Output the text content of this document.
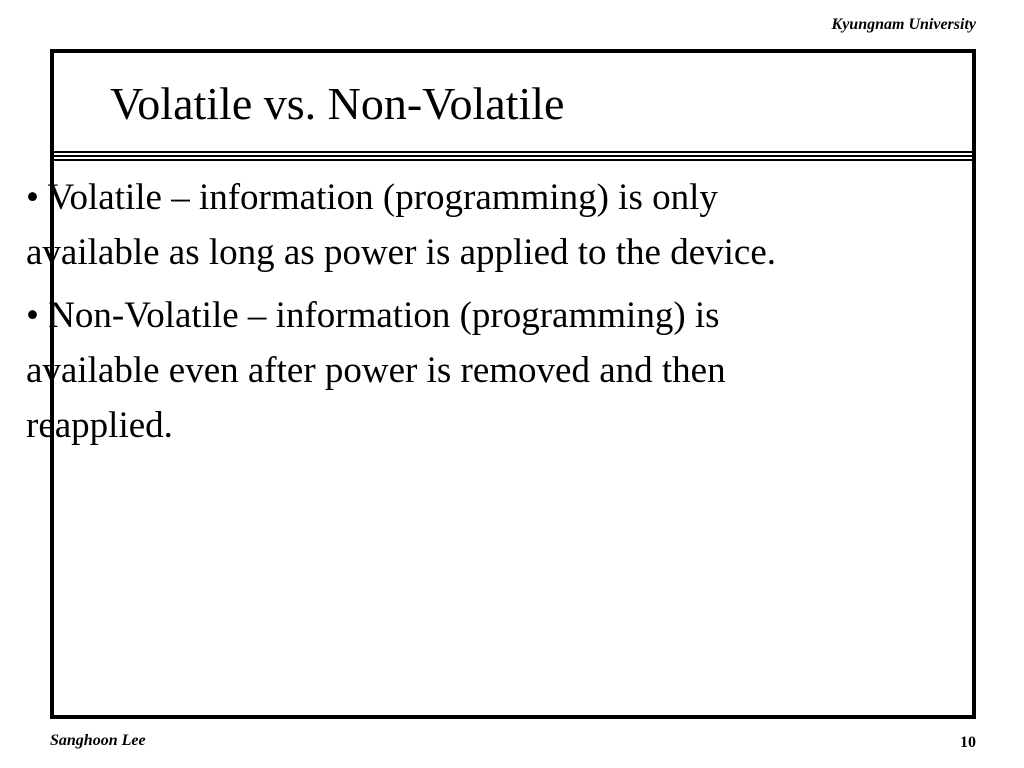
Kyungnam University
Volatile vs. Non-Volatile
• Volatile – information (programming) is only available as long as power is applied to the device.
• Non-Volatile – information (programming) is available even after power is removed and then reapplied.
Sanghoon Lee	10
